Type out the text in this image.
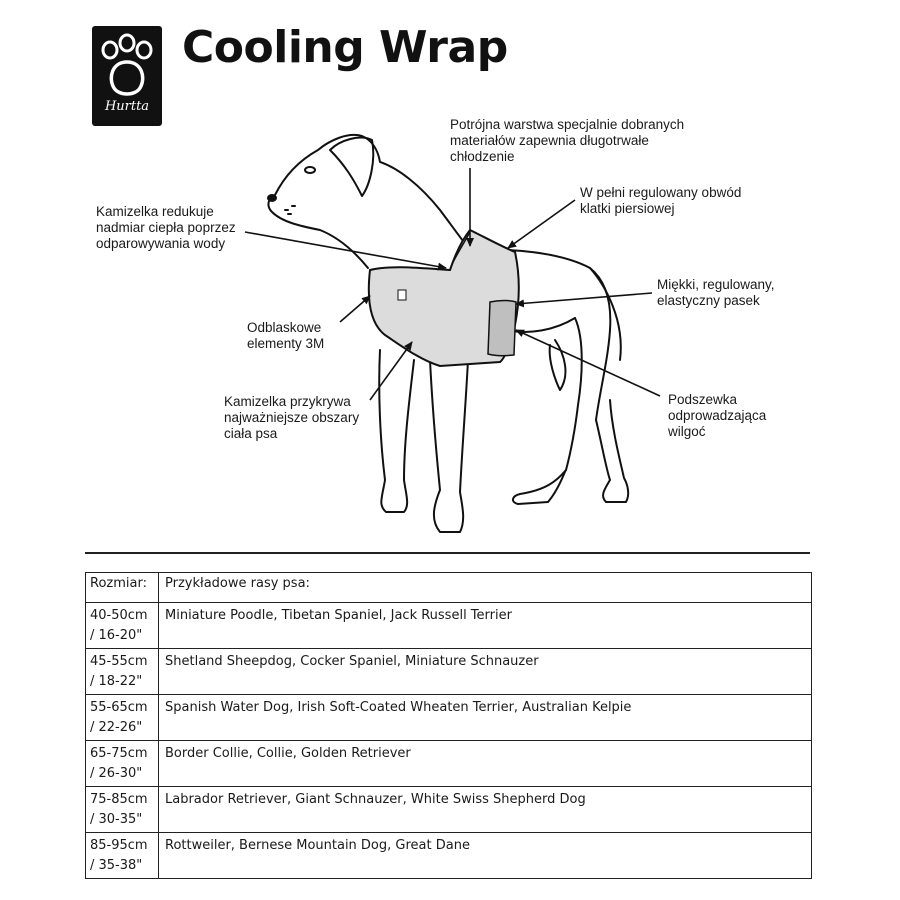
Hurtta
Cooling Wrap
Potrójna warstwa specjalnie dobranych
materiałów zapewnia długotrwałe
chłodzenie
W pełni regulowany obwód
klatki piersiowej
Kamizelka redukuje
nadmiar ciepła poprzez
odparowywania wody
Miękki, regulowany,
elastyczny pasek
Odblaskowe
elementy 3M
Podszewka
odprowadzająca
wilgoć
Kamizelka przykrywa
najważniejsze obszary
ciała psa
Rozmiar:	Przykładowe rasy psa:

40-50cm
/ 16-20"	Miniature Poodle, Tibetan Spaniel, Jack Russell Terrier

45-55cm
/ 18-22"	Shetland Sheepdog, Cocker Spaniel, Miniature Schnauzer

55-65cm
/ 22-26"	Spanish Water Dog, Irish Soft-Coated Wheaten Terrier, Australian Kelpie

65-75cm
/ 26-30"	Border Collie, Collie, Golden Retriever

75-85cm
/ 30-35"	Labrador Retriever, Giant Schnauzer, White Swiss Shepherd Dog

85-95cm
/ 35-38"	Rottweiler, Bernese Mountain Dog, Great Dane
